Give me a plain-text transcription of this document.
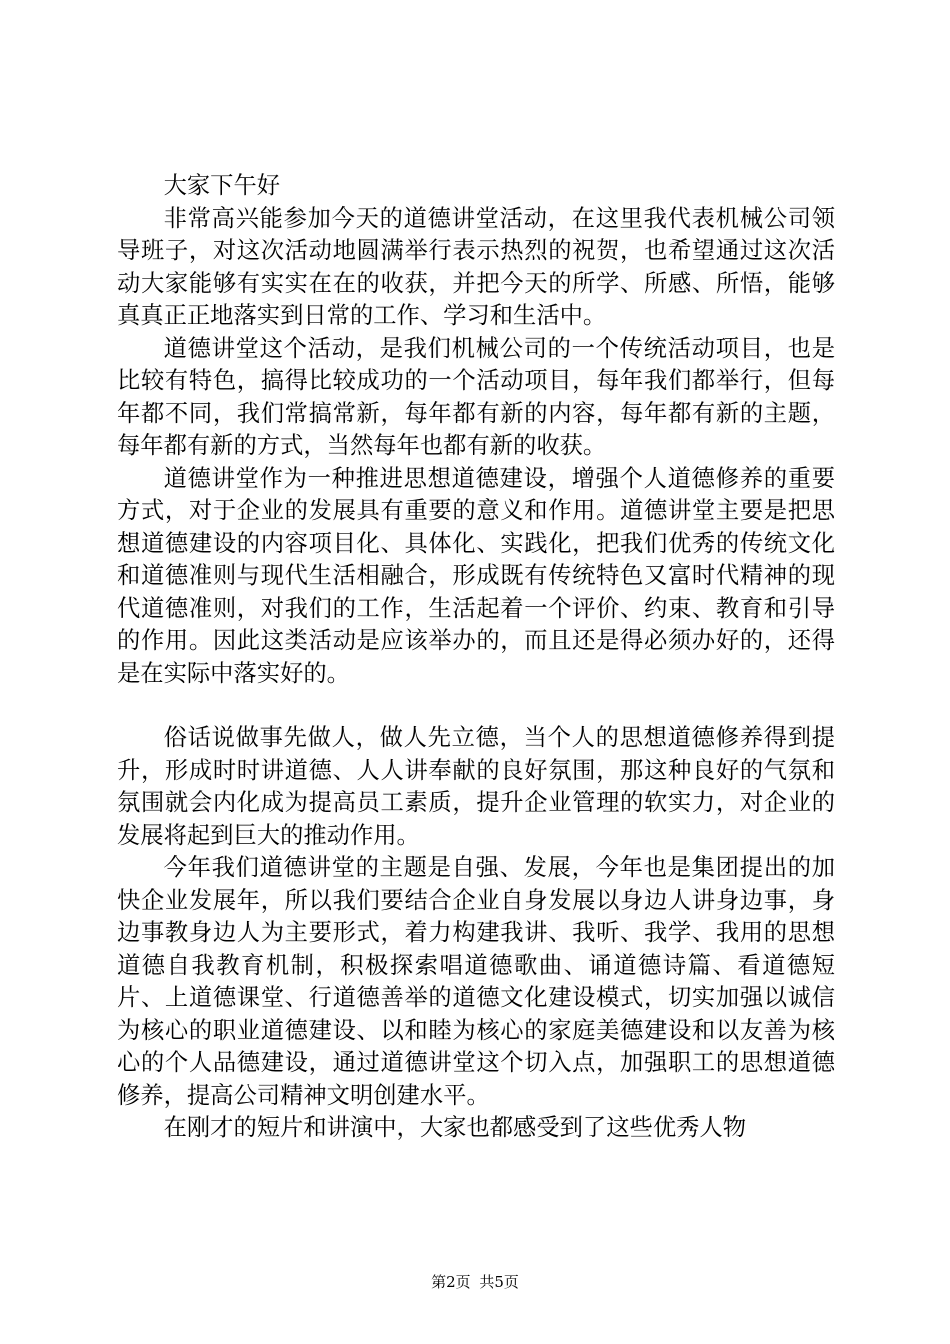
大家下午好

非常高兴能参加今天的道德讲堂活动，在这里我代表机械公司领导班子，对这次活动地圆满举行表示热烈的祝贺，也希望通过这次活动大家能够有实实在在的收获，并把今天的所学、所感、所悟，能够真真正正地落实到日常的工作、学习和生活中。

道德讲堂这个活动，是我们机械公司的一个传统活动项目，也是比较有特色，搞得比较成功的一个活动项目，每年我们都举行，但每年都不同，我们常搞常新，每年都有新的内容，每年都有新的主题，每年都有新的方式，当然每年也都有新的收获。

道德讲堂作为一种推进思想道德建设，增强个人道德修养的重要方式，对于企业的发展具有重要的意义和作用。道德讲堂主要是把思想道德建设的内容项目化、具体化、实践化，把我们优秀的传统文化和道德准则与现代生活相融合，形成既有传统特色又富时代精神的现代道德准则，对我们的工作，生活起着一个评价、约束、教育和引导的作用。因此这类活动是应该举办的，而且还是得必须办好的，还得是在实际中落实好的。

俗话说做事先做人，做人先立德，当个人的思想道德修养得到提升，形成时时讲道德、人人讲奉献的良好氛围，那这种良好的气氛和氛围就会内化成为提高员工素质，提升企业管理的软实力，对企业的发展将起到巨大的推动作用。

今年我们道德讲堂的主题是自强、发展，今年也是集团提出的加快企业发展年，所以我们要结合企业自身发展以身边人讲身边事，身边事教身边人为主要形式，着力构建我讲、我听、我学、我用的思想道德自我教育机制，积极探索唱道德歌曲、诵道德诗篇、看道德短片、上道德课堂、行道德善举的道德文化建设模式，切实加强以诚信为核心的职业道德建设、以和睦为核心的家庭美德建设和以友善为核心的个人品德建设，通过道德讲堂这个切入点，加强职工的思想道德修养，提高公司精神文明创建水平。

在刚才的短片和讲演中，大家也都感受到了这些优秀人物

第2页 共5页
